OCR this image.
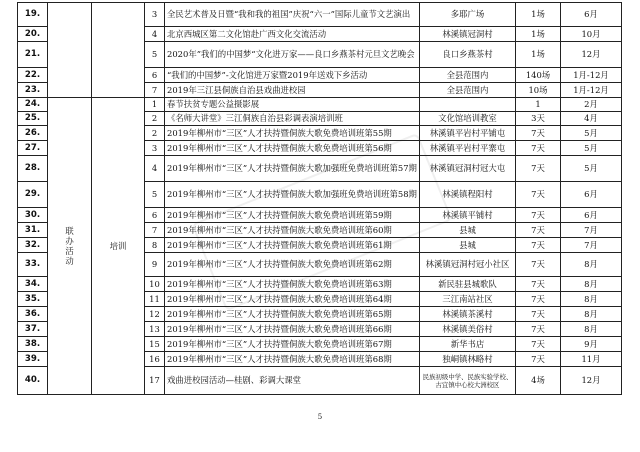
19.			3	全民艺术普及日暨“我和我的祖国”庆祝“六一”国际儿童节文艺演出	多耶广场	1场	6月
20.			4	北京西城区第二文化馆赴广西文化交流活动	林溪镇冠洞村	1场	10月
21.			5	2020年”我们的中国梦“文化进万家——良口乡燕茶村元旦文艺晚会	良口乡燕茶村	1场	12月
22.			6	“我们的中国梦”-文化馆进万家暨2019年送戏下乡活动	全县范围内	140场	1月-12月
23.			7	2019年三江县侗族自治县戏曲进校园	全县范围内	10场	1月-12月
24.	联办活动	培训	1	春节扶贫专题公益摄影展		1	2月
25.			2	《名师大讲堂》三江侗族自治县彩调表演培训班	文化馆培训教室	3天	4月
26.			2	2019年柳州市“三区”人才扶持暨侗族大歌免费培训班第55期	林溪镇平岩村平铺屯	7天	5月
27.			3	2019年柳州市“三区”人才扶持暨侗族大歌免费培训班第56期	林溪镇平岩村平寨屯	7天	5月
28.			4	2019年柳州市“三区”人才扶持暨侗族大歌加强班免费培训班第57期	林溪镇冠洞村冠大屯	7天	5月
29.			5	2019年柳州市“三区”人才扶持暨侗族大歌加强班免费培训班第58期	林溪镇程阳村	7天	6月
30.			6	2019年柳州市“三区”人才扶持暨侗族大歌免费培训班第59期	林溪镇平铺村	7天	6月
31.			7	2019年柳州市“三区”人才扶持暨侗族大歌免费培训班第60期	县城	7天	7月
32.			8	2019年柳州市“三区”人才扶持暨侗族大歌免费培训班第61期	县城	7天	7月
33.			9	2019年柳州市“三区”人才扶持暨侗族大歌免费培训班第62期	林溪镇冠洞村冠小社区	7天	8月
34.			10	2019年柳州市“三区”人才扶持暨侗族大歌免费培训班第63期	新民驻县城歌队	7天	8月
35.			11	2019年柳州市“三区”人才扶持暨侗族大歌免费培训班第64期	三江南站社区	7天	8月
36.			12	2019年柳州市“三区”人才扶持暨侗族大歌免费培训班第65期	林溪镇茶溪村	7天	8月
37.			13	2019年柳州市“三区”人才扶持暨侗族大歌免费培训班第66期	林溪镇美俗村	7天	8月
38.			15	2019年柳州市“三区”人才扶持暨侗族大歌免费培训班第67期	新华书店	7天	9月
39.			16	2019年柳州市“三区”人才扶持暨侗族大歌免费培训班第68期	独峒镇林略村	7天	11月
40.			17	戏曲进校园活动—桂剧、彩调大课堂	民族初级中学、民族实验学校、古宜镇中心校大洲校区	4场	12月
5
